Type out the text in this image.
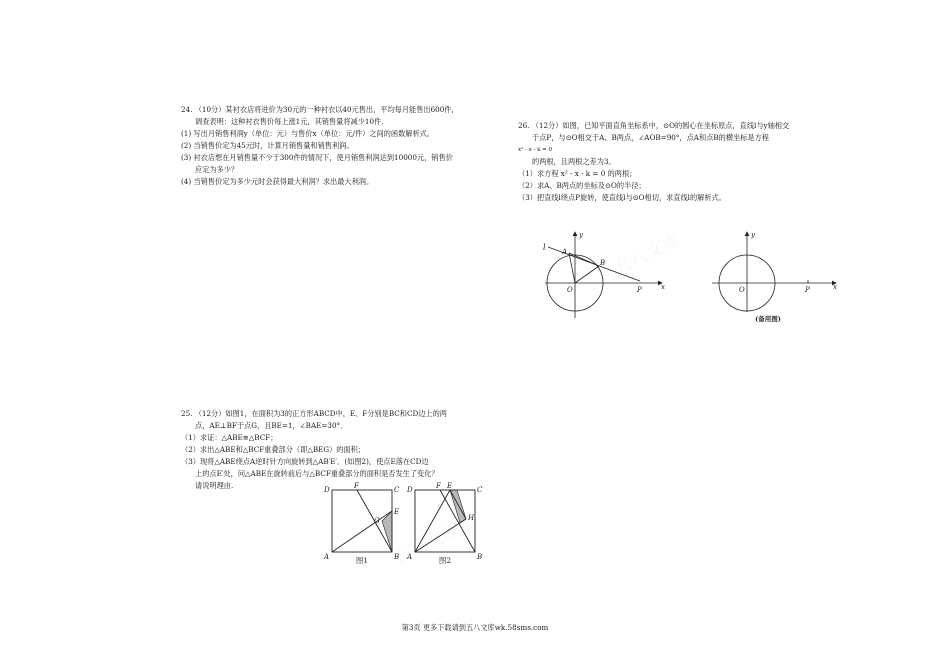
24. （10分）某衬衣店将进价为30元的一种衬衣以40元售出，平均每月能售出600件，

调查表明：这种衬衣售价每上涨1元，其销售量将减少10件.

(1) 写出月销售利润y（单位：元）与售价x（单位：元/件）之间的函数解析式。

(2) 当销售价定为45元时，计算月销售量和销售利润。

(3) 衬衣店想在月销售量不少于300件的情况下，使月销售利润达到10000元，销售价

应定为多少？

(4) 当销售价定为多少元时会获得最大利润？求出最大利润。

26. （12分）如图，已知平面直角坐标系中，⊙O的圆心在坐标原点，直线l与y轴相交

于点P，与⊙O相交于A、B两点，∠AOB=90°，点A和点B的横坐标是方程

x² - x - k = 0

的两根，且两根之差为3。

（1）求方程 x² - x - k = 0 的两根；

（2）求A、B两点的坐标及⊙O的半径；

（3）把直线l绕点P旋转，使直线l与⊙O相切，求直线l的解析式。

l A
B
O	P	x
y
O	P	x
y
(备用图)

25. （12分）如图1，在面积为3的正方形ABCD中，E、F分别是BC和CD边上的两

点，AE⊥BF于点G，且BE=1，∠BAE=30°．

（1）求证：△ABE≌△BCF；

（2）求出△ABE和△BCF重叠部分（即△BEG）的面积；

（3）现将△ABE绕点A逆时针方向旋转到△AB′E′．(如图2)，使点E落在CD边

上的点E′处，问△ABE在旋转前后与△BCF重叠部分的面积是否发生了变化？

请说明理由.	D	C
A	B
F
E
G
图1
D	C
A	B
F E
H
图2
第3页 更多下载请到五八文库wk.58sms.com
